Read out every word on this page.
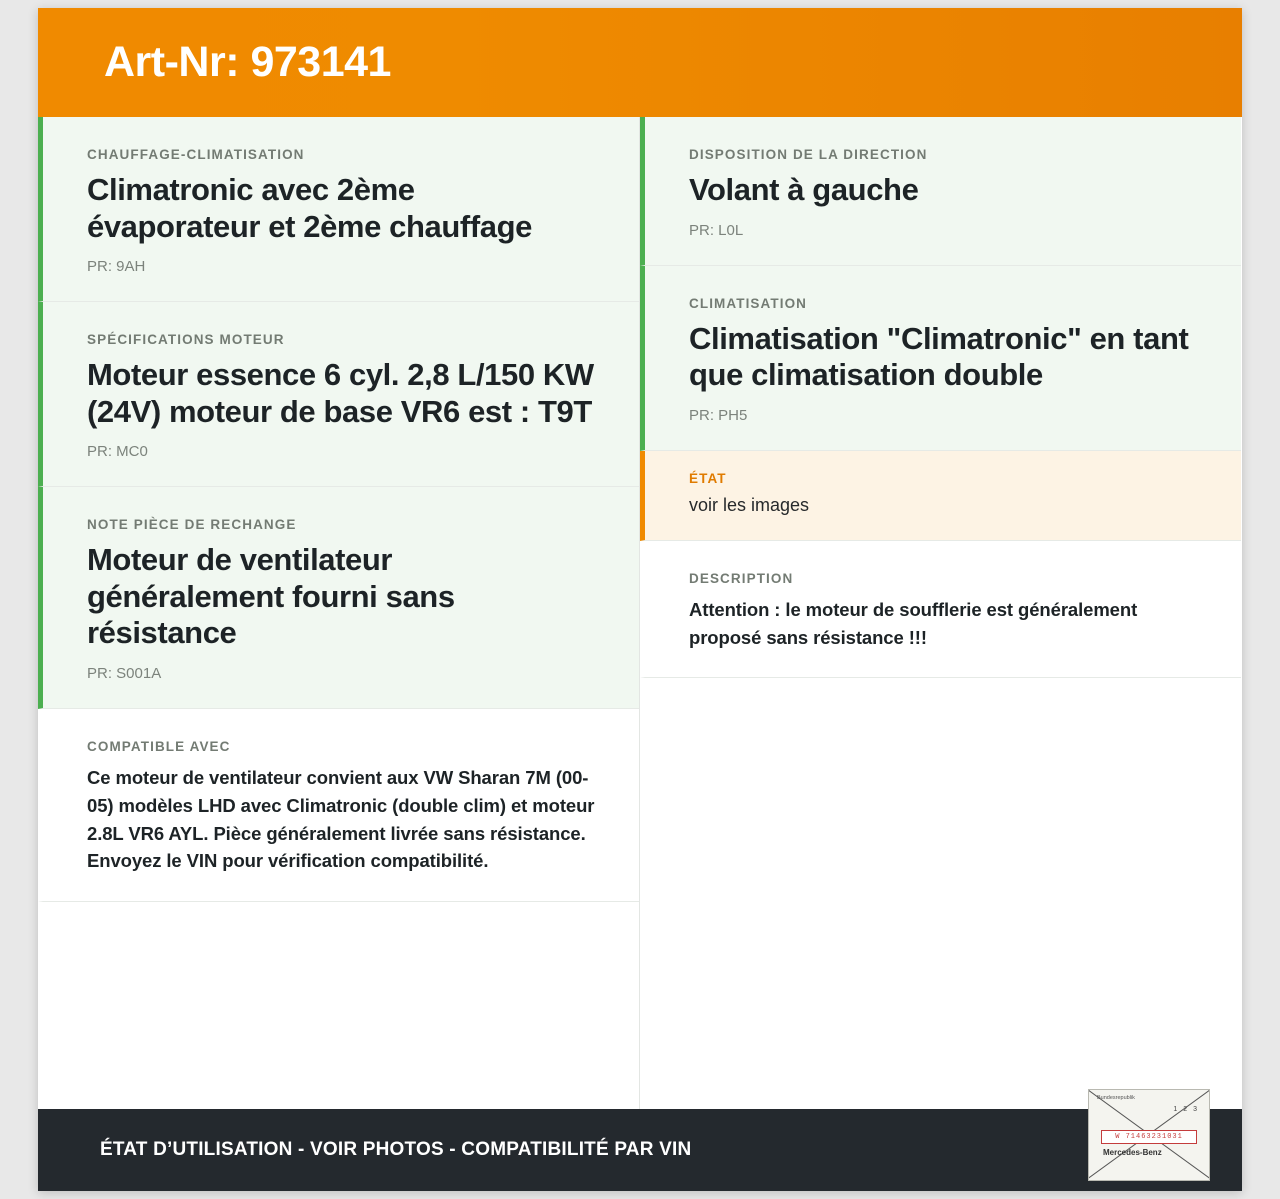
Art-Nr: 973141
CHAUFFAGE-CLIMATISATION
Climatronic avec 2ème évaporateur et 2ème chauffage
PR: 9AH
SPÉCIFICATIONS MOTEUR
Moteur essence 6 cyl. 2,8 L/150 KW (24V) moteur de base VR6 est : T9T
PR: MC0
NOTE PIÈCE DE RECHANGE
Moteur de ventilateur généralement fourni sans résistance
PR: S001A
COMPATIBLE AVEC
Ce moteur de ventilateur convient aux VW Sharan 7M (00-05) modèles LHD avec Climatronic (double clim) et moteur 2.8L VR6 AYL. Pièce généralement livrée sans résistance. Envoyez le VIN pour vérification compatibilité.
DISPOSITION DE LA DIRECTION
Volant à gauche
PR: L0L
CLIMATISATION
Climatisation "Climatronic" en tant que climatisation double
PR: PH5
ÉTAT
voir les images
DESCRIPTION
Attention : le moteur de soufflerie est généralement proposé sans résistance !!!
ÉTAT D’UTILISATION - VOIR PHOTOS - COMPATIBILITÉ PAR VIN
Bundesrepublik
1 2 3
W 71463231031
Mercedes-Benz
